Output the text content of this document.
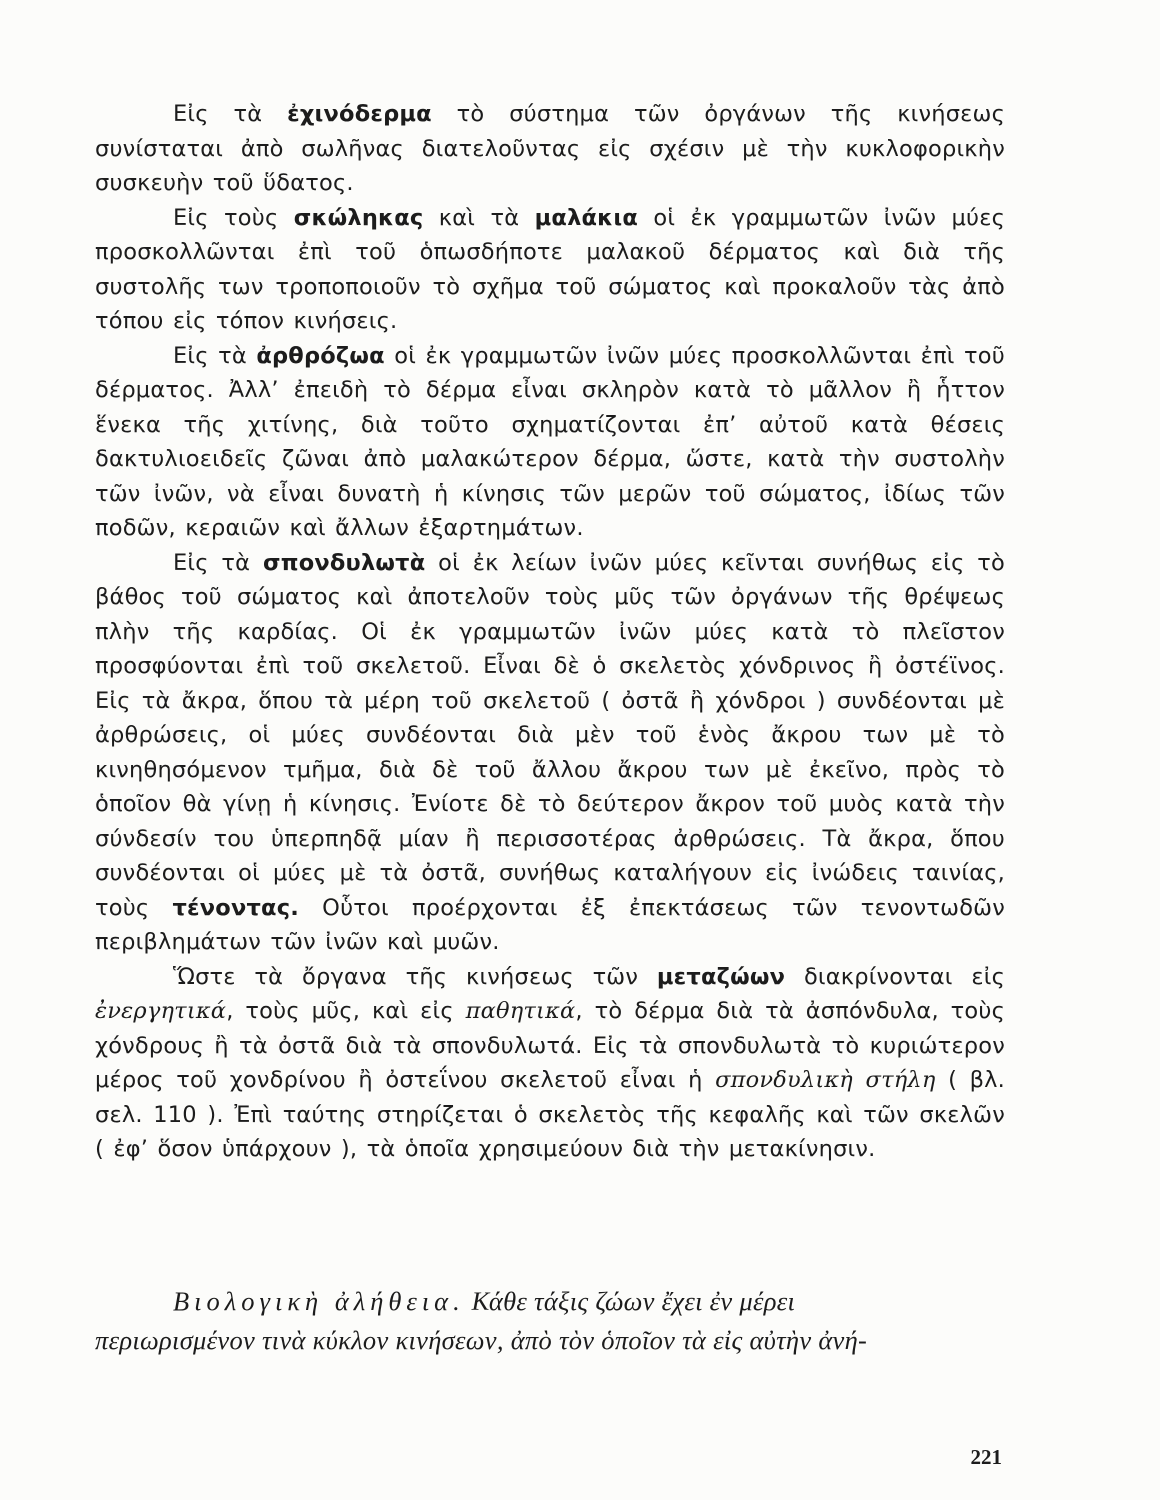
Εἰς τὰ ἐχινόδερμα τὸ σύστημα τῶν ὀργάνων τῆς κινήσεως συνίσταται ἀπὸ σωλῆνας διατελοῦντας εἰς σχέσιν μὲ τὴν κυκλοφορικὴν συσκευὴν τοῦ ὕδατος.

Εἰς τοὺς σκώληκας καὶ τὰ μαλάκια οἱ ἐκ γραμμωτῶν ἰνῶν μύες προσκολλῶνται ἐπὶ τοῦ ὁπωσδήποτε μαλακοῦ δέρματος καὶ διὰ τῆς συστολῆς των τροποποιοῦν τὸ σχῆμα τοῦ σώματος καὶ προκαλοῦν τὰς ἀπὸ τόπου εἰς τόπον κινήσεις.

Εἰς τὰ ἀρθρόζωα οἱ ἐκ γραμμωτῶν ἰνῶν μύες προσκολλῶνται ἐπὶ τοῦ δέρματος. Ἀλλ’ ἐπειδὴ τὸ δέρμα εἶναι σκληρὸν κατὰ τὸ μᾶλλον ἢ ἧττον ἕνεκα τῆς χιτίνης, διὰ τοῦτο σχηματίζονται ἐπ’ αὐτοῦ κατὰ θέσεις δακτυλιοειδεῖς ζῶναι ἀπὸ μαλακώτερον δέρμα, ὥστε, κατὰ τὴν συστολὴν τῶν ἰνῶν, νὰ εἶναι δυνατὴ ἡ κίνησις τῶν μερῶν τοῦ σώματος, ἰδίως τῶν ποδῶν, κεραιῶν καὶ ἄλλων ἐξαρτημάτων.

Εἰς τὰ σπονδυλωτὰ οἱ ἐκ λείων ἰνῶν μύες κεῖνται συνήθως εἰς τὸ βάθος τοῦ σώματος καὶ ἀποτελοῦν τοὺς μῦς τῶν ὀργάνων τῆς θρέψεως πλὴν τῆς καρδίας. Οἱ ἐκ γραμμωτῶν ἰνῶν μύες κατὰ τὸ πλεῖστον προσφύονται ἐπὶ τοῦ σκελετοῦ. Εἶναι δὲ ὁ σκελετὸς χόνδρινος ἢ ὀστέϊνος. Εἰς τὰ ἄκρα, ὅπου τὰ μέρη τοῦ σκελετοῦ ( ὀστᾶ ἢ χόνδροι ) συνδέονται μὲ ἀρθρώσεις, οἱ μύες συνδέονται διὰ μὲν τοῦ ἑνὸς ἄκρου των μὲ τὸ κινηθησόμενον τμῆμα, διὰ δὲ τοῦ ἄλλου ἄκρου των μὲ ἐκεῖνο, πρὸς τὸ ὁποῖον θὰ γίνῃ ἡ κίνησις. Ἐνίοτε δὲ τὸ δεύτερον ἄκρον τοῦ μυὸς κατὰ τὴν σύνδεσίν του ὑπερπηδᾷ μίαν ἢ περισσοτέρας ἀρθρώσεις. Τὰ ἄκρα, ὅπου συνδέονται οἱ μύες μὲ τὰ ὀστᾶ, συνήθως καταλήγουν εἰς ἰνώδεις ταινίας, τοὺς τένοντας. Οὗτοι προέρχονται ἐξ ἐπεκτάσεως τῶν τενοντωδῶν περιβλημάτων τῶν ἰνῶν καὶ μυῶν.

Ὥστε τὰ ὄργανα τῆς κινήσεως τῶν μεταζώων διακρίνονται εἰς ἐνεργητικά, τοὺς μῦς, καὶ εἰς παθητικά, τὸ δέρμα διὰ τὰ ἀσπόνδυλα, τοὺς χόνδρους ἢ τὰ ὀστᾶ διὰ τὰ σπονδυλωτά. Εἰς τὰ σπονδυλωτὰ τὸ κυριώτερον μέρος τοῦ χονδρίνου ἢ ὀστεΐνου σκελετοῦ εἶναι ἡ σπονδυλικὴ στήλη ( βλ. σελ. 110 ). Ἐπὶ ταύτης στηρίζεται ὁ σκελετὸς τῆς κεφαλῆς καὶ τῶν σκελῶν ( ἐφ’ ὅσον ὑπάρχουν ), τὰ ὁποῖα χρησιμεύουν διὰ τὴν μετακίνησιν.

Βιολογικὴ ἀλήθεια. Κάθε τάξις ζώων ἔχει ἐν μέρει
περιωρισμένον τινὰ κύκλον κινήσεων, ἀπὸ τὸν ὁποῖον τὰ εἰς αὐτὴν ἀνή-
221
